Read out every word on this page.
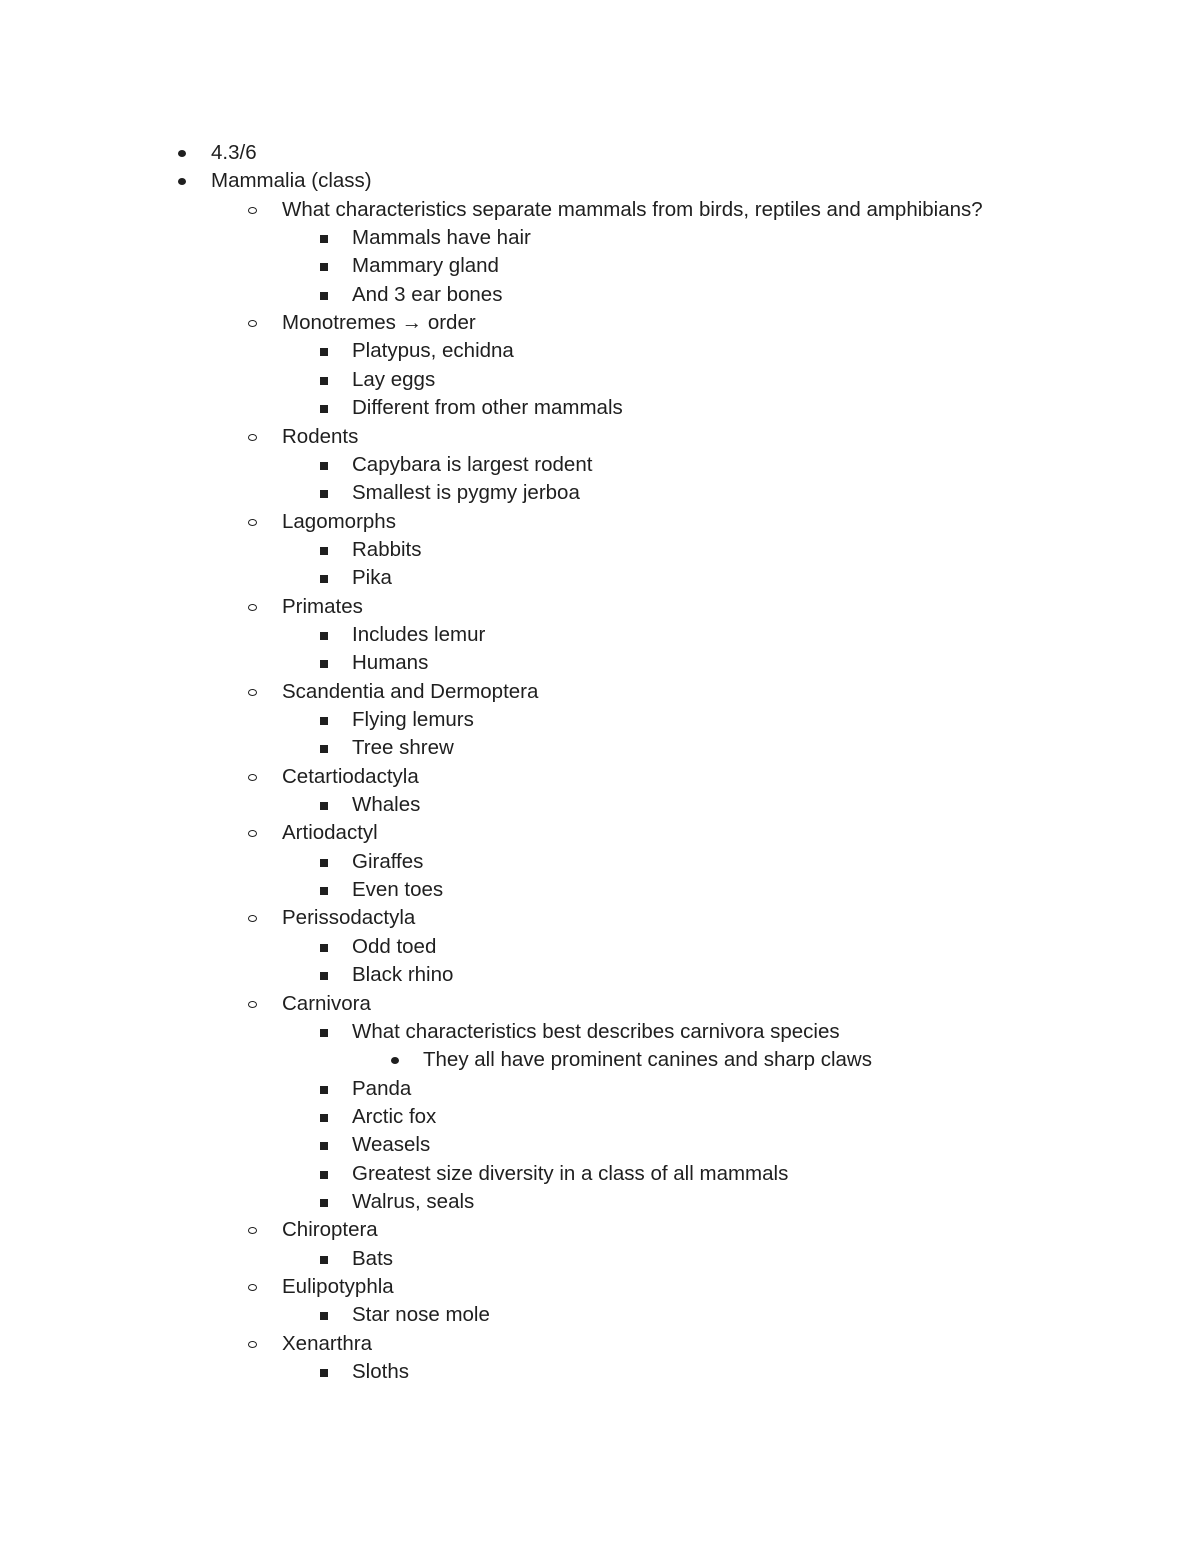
4.3/6
Mammalia (class)
What characteristics separate mammals from birds, reptiles and amphibians?
Mammals have hair
Mammary gland
And 3 ear bones
Monotremes → order
Platypus, echidna
Lay eggs
Different from other mammals
Rodents
Capybara is largest rodent
Smallest is pygmy jerboa
Lagomorphs
Rabbits
Pika
Primates
Includes lemur
Humans
Scandentia and Dermoptera
Flying lemurs
Tree shrew
Cetartiodactyla
Whales
Artiodactyl
Giraffes
Even toes
Perissodactyla
Odd toed
Black rhino
Carnivora
What characteristics best describes carnivora species
They all have prominent canines and sharp claws
Panda
Arctic fox
Weasels
Greatest size diversity in a class of all mammals
Walrus, seals
Chiroptera
Bats
Eulipotyphla
Star nose mole
Xenarthra
Sloths
